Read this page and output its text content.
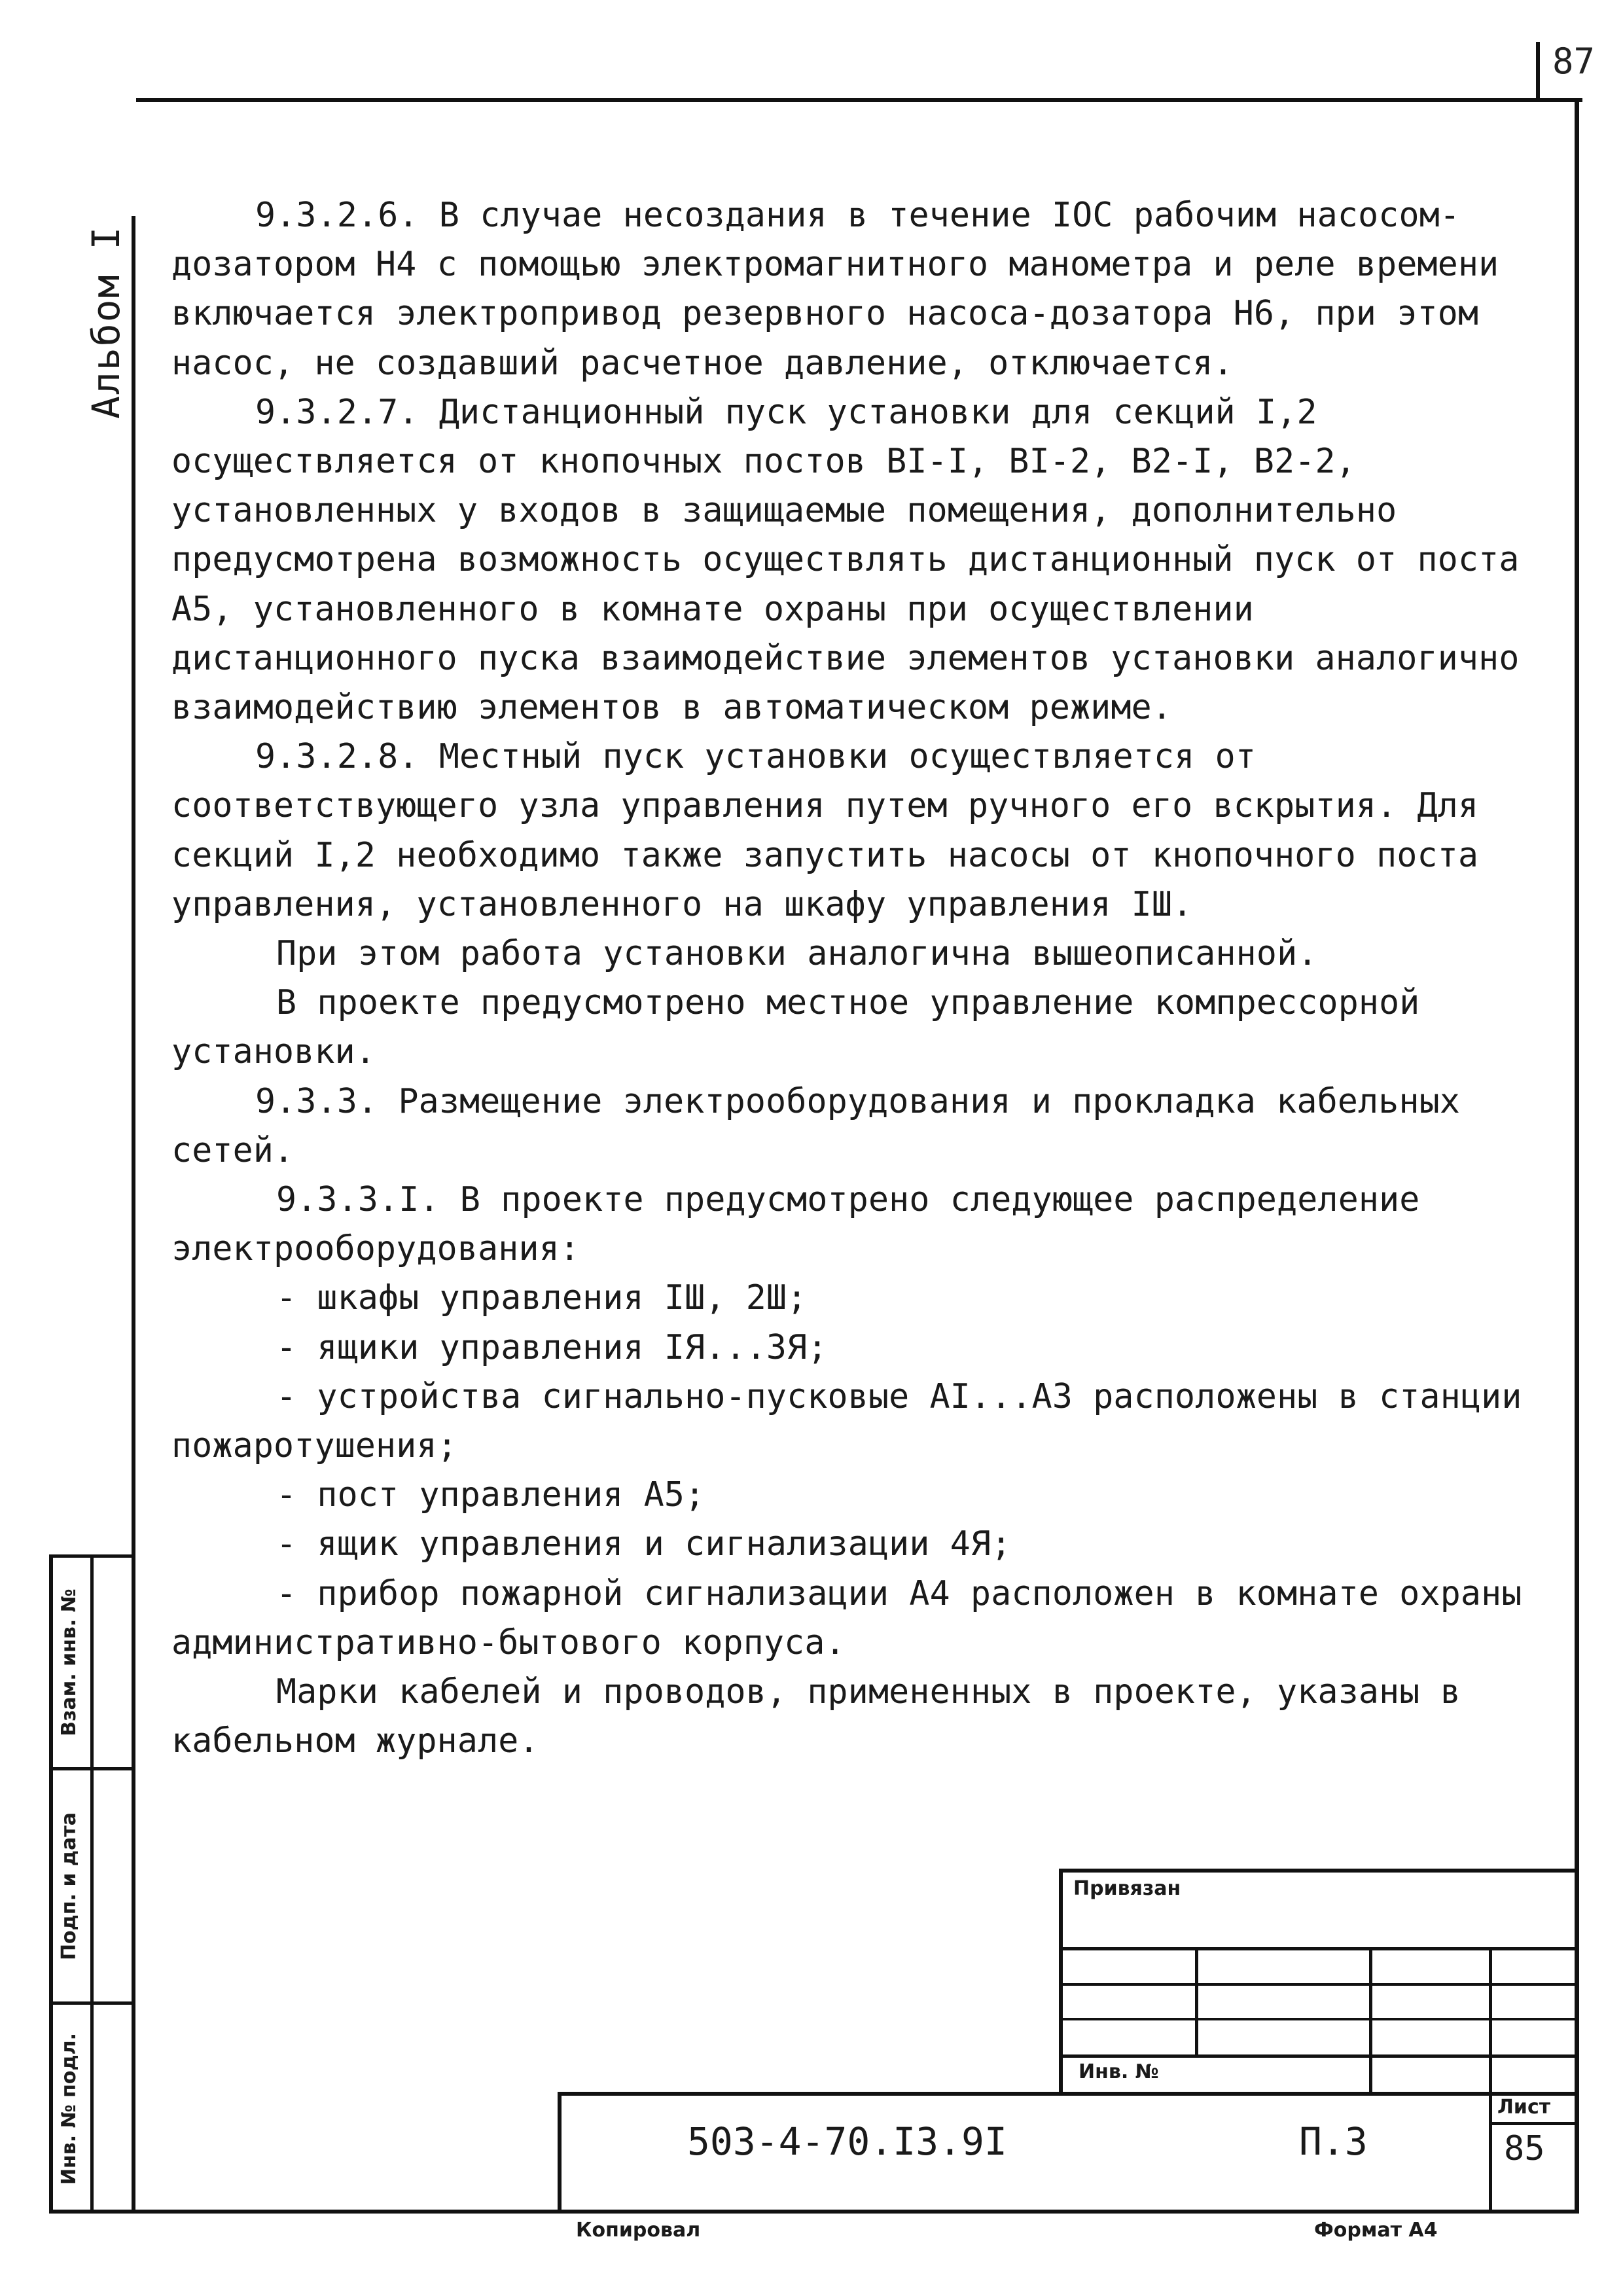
87
Альбом I

9.3.2.6. В случае несоздания в течение IOC рабочим насосом-дозатором Н4 с помощью электромагнитного манометра и реле времени включается электропривод резервного насоса-дозатора Н6, при этом насос, не создавший расчетное давление, отключается.

9.3.2.7. Дистанционный пуск установки для секций I,2 осуществляется от кнопочных постов BI-I, BI-2, B2-I, B2-2, установленных у входов в защищаемые помещения, дополнительно предусмотрена возможность осуществлять дистанционный пуск от поста А5, установленного в комнате охраны при осуществлении дистанционного пуска взаимодействие элементов установки аналогично взаимодействию элементов в автоматическом режиме.

9.3.2.8. Местный пуск установки осуществляется от соответствующего узла управления путем ручного его вскрытия. Для секций I,2 необходимо также запустить насосы от кнопочного поста управления, установленного на шкафу управления IШ.

При этом работа установки аналогична вышеописанной.

В проекте предусмотрено местное управление компрессорной установки.

9.3.3. Размещение электрооборудования и прокладка кабельных сетей.

9.3.3.I. В проекте предусмотрено следующее распределение электрооборудования:

- шкафы управления IШ, 2Ш;

- ящики управления IЯ...3Я;

- устройства сигнально-пусковые AI...A3 расположены в станции пожаротушения;

- пост управления А5;

- ящик управления и сигнализации 4Я;

- прибор пожарной сигнализации А4 расположен в комнате охраны административно-бытового корпуса.

Марки кабелей и проводов, примененных в проекте, указаны в кабельном журнале.

Взам. инв. №
Подп. и дата
Инв. № подл.
Привязан
Инв. №
503-4-70.I3.9I	П.3
Лист
85
Копировал	Формат А4
